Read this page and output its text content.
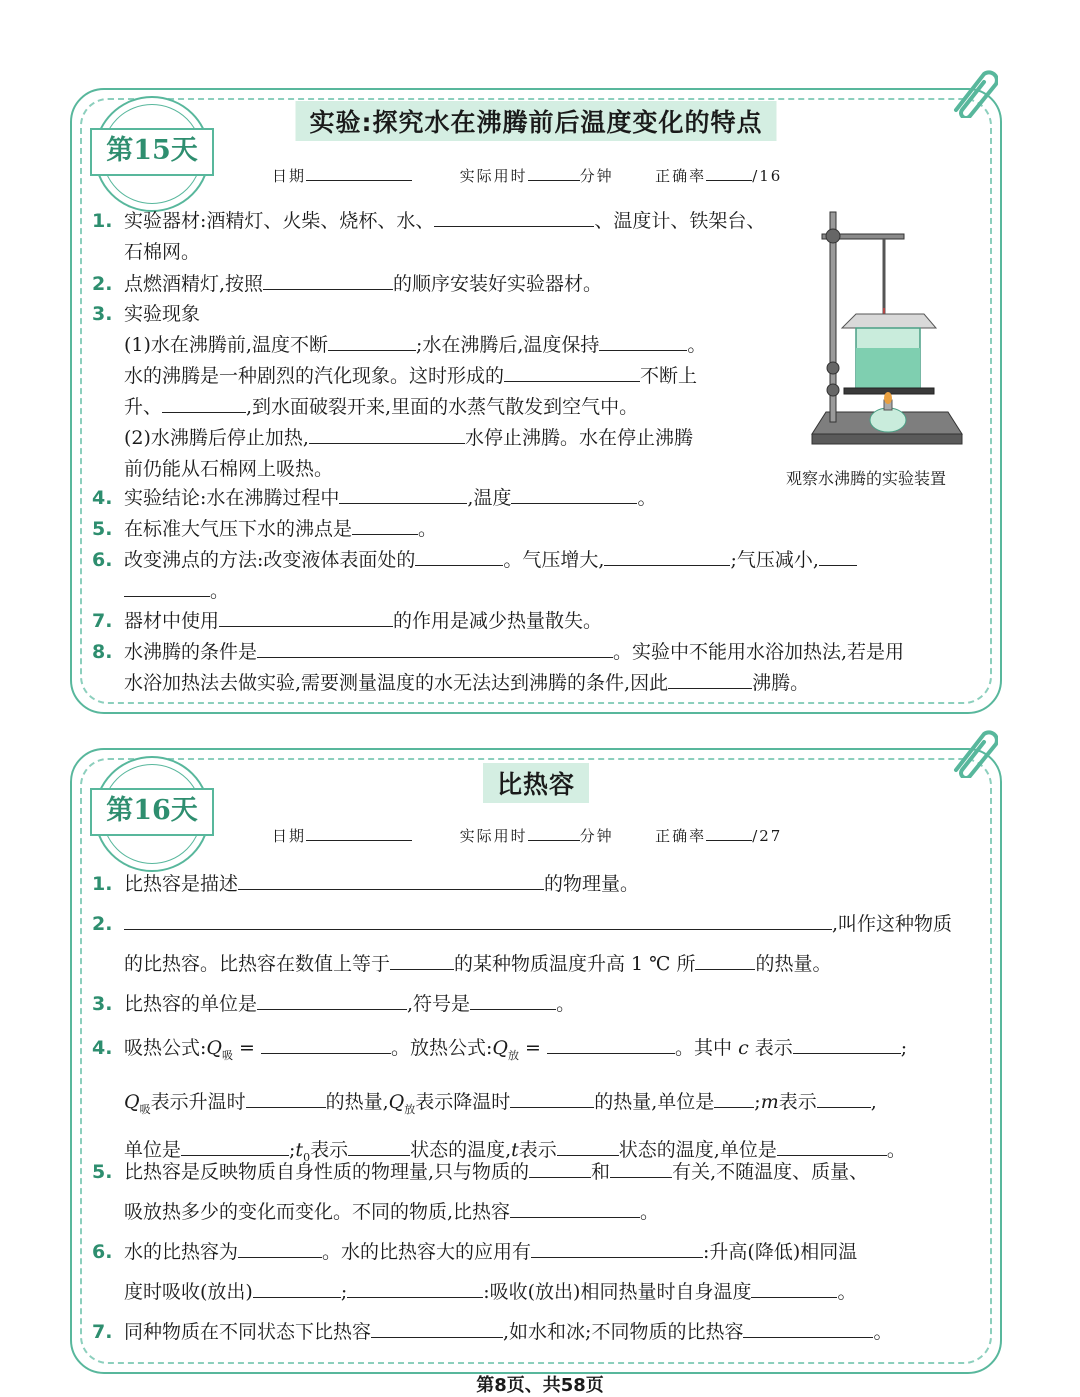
实验:探究水在沸腾前后温度变化的特点
第15天
日期	实际用时	分钟	正确率	/16
1. 实验器材:酒精灯、火柴、烧杯、水、	、温度计、铁架台、
石棉网。
2. 点燃酒精灯,按照	的顺序安装好实验器材。
3. 实验现象
(1)水在沸腾前,温度不断	;水在沸腾后,温度保持	。
水的沸腾是一种剧烈的汽化现象。这时形成的	不断上
升、	,到水面破裂开来,里面的水蒸气散发到空气中。
(2)水沸腾后停止加热,	水停止沸腾。水在停止沸腾
前仍能从石棉网上吸热。
4. 实验结论:水在沸腾过程中	,温度	。
5. 在标准大气压下水的沸点是	。
6. 改变沸点的方法:改变液体表面处的	。气压增大,	;气压减小,
。
7. 器材中使用	的作用是减少热量散失。
8. 水沸腾的条件是	。实验中不能用水浴加热法,若是用
水浴加热法去做实验,需要测量温度的水无法达到沸腾的条件,因此	沸腾。
观察水沸腾的实验装置
比热容
第16天
日期	实际用时	分钟	正确率	/27
1. 比热容是描述	的物理量。
2.	,叫作这种物质
的比热容。比热容在数值上等于	的某种物质温度升高 1 ℃ 所	的热量。
3. 比热容的单位是	,符号是	。
4. 吸热公式$:Q_吸$ =	。放热公式$:Q_放$ =	。其中 c 表示	;
$Q_吸$表示升温时	的热量$,Q_放$表示降温时	的热量,单位是 ;m表示	,
单位是	$;t_0$表示	状态的温度,t表示	状态的温度,单位是	。
5. 比热容是反映物质自身性质的物理量,只与物质的	和	有关,不随温度、质量、
吸放热多少的变化而变化。不同的物质,比热容	。
6. 水的比热容为	。水的比热容大的应用有	:升高(降低)相同温
度时吸收(放出)	;	:吸收(放出)相同热量时自身温度	。
7. 同种物质在不同状态下比热容	,如水和冰;不同物质的比热容	。
第8页、共58页
